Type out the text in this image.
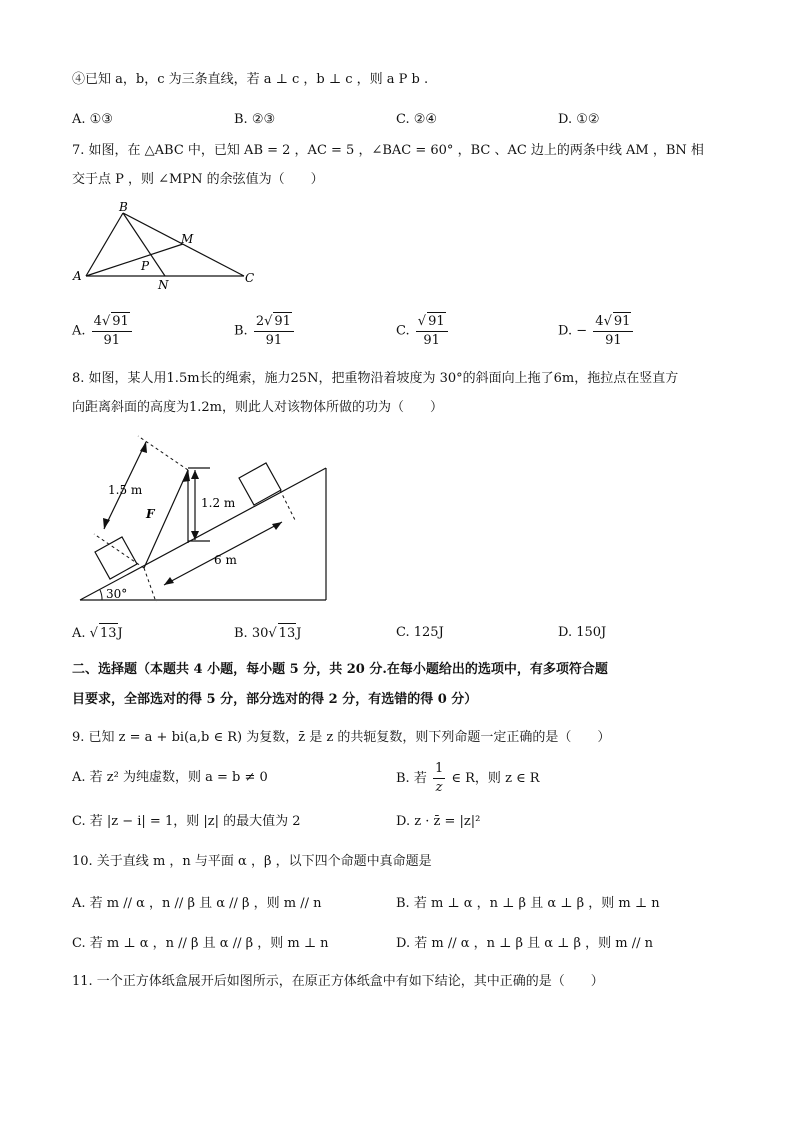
④已知 a，b，c 为三条直线，若 a ⊥ c ，b ⊥ c ，则 a P b .
A. ①③	B. ②③	C. ②④	D. ①②
7. 如图，在 △ABC 中，已知 AB = 2 ，AC = 5 ，∠BAC = 60° ，BC 、AC 边上的两条中线 AM ，BN 相
交于点 P ，则 ∠MPN 的余弦值为（　　）
B
A	C
M
P
N
A. $\frac{4√ 91}{91}$	B. $\frac{2√ 91}{91}$	C. $\frac{√ 91}{91}$	D. − $\frac{4√ 91}{91}$
8. 如图，某人用1.5m长的绳索，施力25N，把重物沿着坡度为 30°的斜面向上拖了6m，拖拉点在竖直方
向距离斜面的高度为1.2m，则此人对该物体所做的功为（　　）
1.5 m
1.2 m
F
6 m
30°
A. √ 13J	B. 30√ 13J	C. 125J	D. 150J
二、选择题（本题共 4 小题，每小题 5 分，共 20 分.在每小题给出的选项中，有多项符合题
目要求，全部选对的得 5 分，部分选对的得 2 分，有选错的得 0 分）
9. 已知 z = a + bi(a,b ∈ R) 为复数，z̄ 是 z 的共轭复数，则下列命题一定正确的是（　　）
A. 若 z² 为纯虚数，则 a = b ≠ 0	B. 若 $\frac{1}{z}$ ∈ R，则 z ∈ R
C. 若 |z − i| = 1，则 |z| 的最大值为 2	D. z · z̄ = |z|²
10. 关于直线 m ，n 与平面 α ，β ，以下四个命题中真命题是
A. 若 m // α ，n // β 且 α // β ，则 m // n	B. 若 m ⊥ α ，n ⊥ β 且 α ⊥ β ，则 m ⊥ n
C. 若 m ⊥ α ，n // β 且 α // β ，则 m ⊥ n	D. 若 m // α ，n ⊥ β 且 α ⊥ β ，则 m // n
11. 一个正方体纸盒展开后如图所示，在原正方体纸盒中有如下结论，其中正确的是（　　）
